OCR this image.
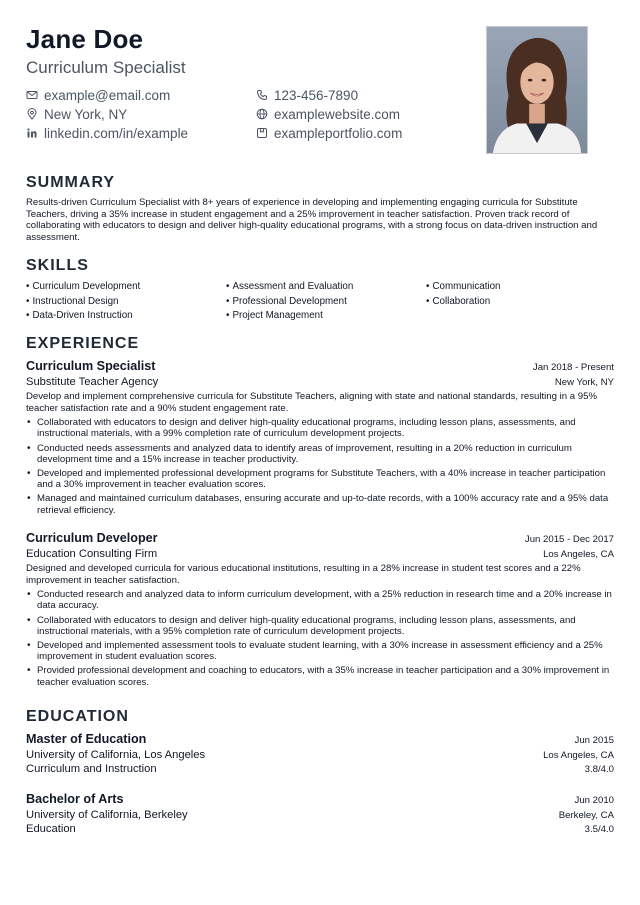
Jane Doe
Curriculum Specialist
example@email.com	123-456-7890
New York, NY	examplewebsite.com
linkedin.com/in/example	exampleportfolio.com
SUMMARY
Results-driven Curriculum Specialist with 8+ years of experience in developing and implementing engaging curricula for Substitute Teachers, driving a 35% increase in student engagement and a 25% improvement in teacher satisfaction. Proven track record of collaborating with educators to design and deliver high-quality educational programs, with a strong focus on data-driven instruction and assessment.
SKILLS
• Curriculum Development	• Assessment and Evaluation	• Communication
• Instructional Design	• Professional Development	• Collaboration
• Data-Driven Instruction	• Project Management
EXPERIENCE
Curriculum Specialist	Jan 2018 - Present
Substitute Teacher Agency	New York, NY
Develop and implement comprehensive curricula for Substitute Teachers, aligning with state and national standards, resulting in a 95% teacher satisfaction rate and a 90% student engagement rate.
• Collaborated with educators to design and deliver high-quality educational programs, including lesson plans, assessments, and instructional materials, with a 99% completion rate of curriculum development projects.
• Conducted needs assessments and analyzed data to identify areas of improvement, resulting in a 20% reduction in curriculum development time and a 15% increase in teacher productivity.
• Developed and implemented professional development programs for Substitute Teachers, with a 40% increase in teacher participation and a 30% improvement in teacher evaluation scores.
• Managed and maintained curriculum databases, ensuring accurate and up-to-date records, with a 100% accuracy rate and a 95% data retrieval efficiency.
Curriculum Developer	Jun 2015 - Dec 2017
Education Consulting Firm	Los Angeles, CA
Designed and developed curricula for various educational institutions, resulting in a 28% increase in student test scores and a 22% improvement in teacher satisfaction.
• Conducted research and analyzed data to inform curriculum development, with a 25% reduction in research time and a 20% increase in data accuracy.
• Collaborated with educators to design and deliver high-quality educational programs, including lesson plans, assessments, and instructional materials, with a 95% completion rate of curriculum development projects.
• Developed and implemented assessment tools to evaluate student learning, with a 30% increase in assessment efficiency and a 25% improvement in student evaluation scores.
• Provided professional development and coaching to educators, with a 35% increase in teacher participation and a 30% improvement in teacher evaluation scores.
EDUCATION
Master of Education	Jun 2015
University of California, Los Angeles	Los Angeles, CA
Curriculum and Instruction	3.8/4.0
Bachelor of Arts	Jun 2010
University of California, Berkeley	Berkeley, CA
Education	3.5/4.0
